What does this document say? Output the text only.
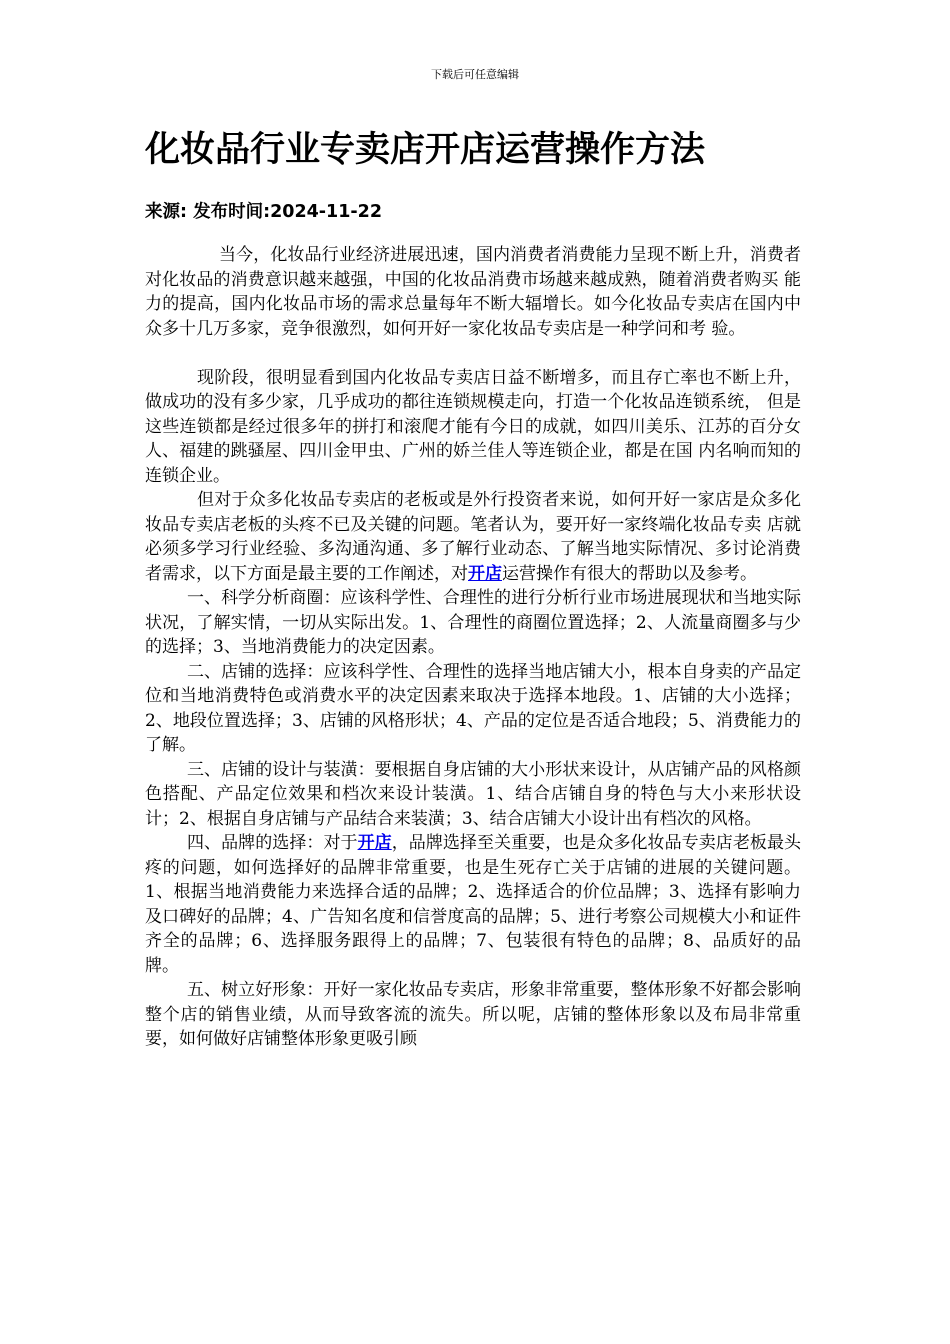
下载后可任意编辑
化妆品行业专卖店开店运营操作方法
来源: 发布时间:2024-11-22

当今，化妆品行业经济进展迅速，国内消费者消费能力呈现不断上升，消费者对化妆品的消费意识越来越强，中国的化妆品消费市场越来越成熟，随着消费者购买 能力的提高，国内化妆品市场的需求总量每年不断大辐增长。如今化妆品专卖店在国内中众多十几万多家，竞争很激烈，如何开好一家化妆品专卖店是一种学问和考 验。

现阶段，很明显看到国内化妆品专卖店日益不断增多，而且存亡率也不断上升，做成功的没有多少家，几乎成功的都往连锁规模走向，打造一个化妆品连锁系统， 但是这些连锁都是经过很多年的拼打和滚爬才能有今日的成就，如四川美乐、江苏的百分女人、福建的跳骚屋、四川金甲虫、广州的娇兰佳人等连锁企业，都是在国 内名响而知的连锁企业。

但对于众多化妆品专卖店的老板或是外行投资者来说，如何开好一家店是众多化妆品专卖店老板的头疼不已及关键的问题。笔者认为，要开好一家终端化妆品专卖 店就必须多学习行业经验、多沟通沟通、多了解行业动态、了解当地实际情况、多讨论消费者需求，以下方面是最主要的工作阐述，对开店运营操作有很大的帮助以及参考。

一、科学分析商圈：应该科学性、合理性的进行分析行业市场进展现状和当地实际状况，了解实情，一切从实际出发。1、合理性的商圈位置选择；2、人流量商圈多与少的选择；3、当地消费能力的决定因素。

二、店铺的选择：应该科学性、合理性的选择当地店铺大小，根本自身卖的产品定位和当地消费特色或消费水平的决定因素来取决于选择本地段。1、店铺的大小选择；2、地段位置选择；3、店铺的风格形状；4、产品的定位是否适合地段；5、消费能力的了解。

三、店铺的设计与装潢：要根据自身店铺的大小形状来设计，从店铺产品的风格颜色搭配、产品定位效果和档次来设计装潢。1、结合店铺自身的特色与大小来形状设计；2、根据自身店铺与产品结合来装潢；3、结合店铺大小设计出有档次的风格。

四、品牌的选择：对于开店，品牌选择至关重要，也是众多化妆品专卖店老板最头疼的问题，如何选择好的品牌非常重要，也是生死存亡关于店铺的进展的关键问题。1、根据当地消费能力来选择合适的品牌；2、选择适合的价位品牌；3、选择有影响力及口碑好的品牌；4、广告知名度和信誉度高的品牌；5、进行考察公司规模大小和证件齐全的品牌；6、选择服务跟得上的品牌；7、包装很有特色的品牌；8、品质好的品牌。

五、树立好形象：开好一家化妆品专卖店，形象非常重要，整体形象不好都会影响整个店的销售业绩，从而导致客流的流失。所以呢，店铺的整体形象以及布局非常重要，如何做好店铺整体形象更吸引顾
